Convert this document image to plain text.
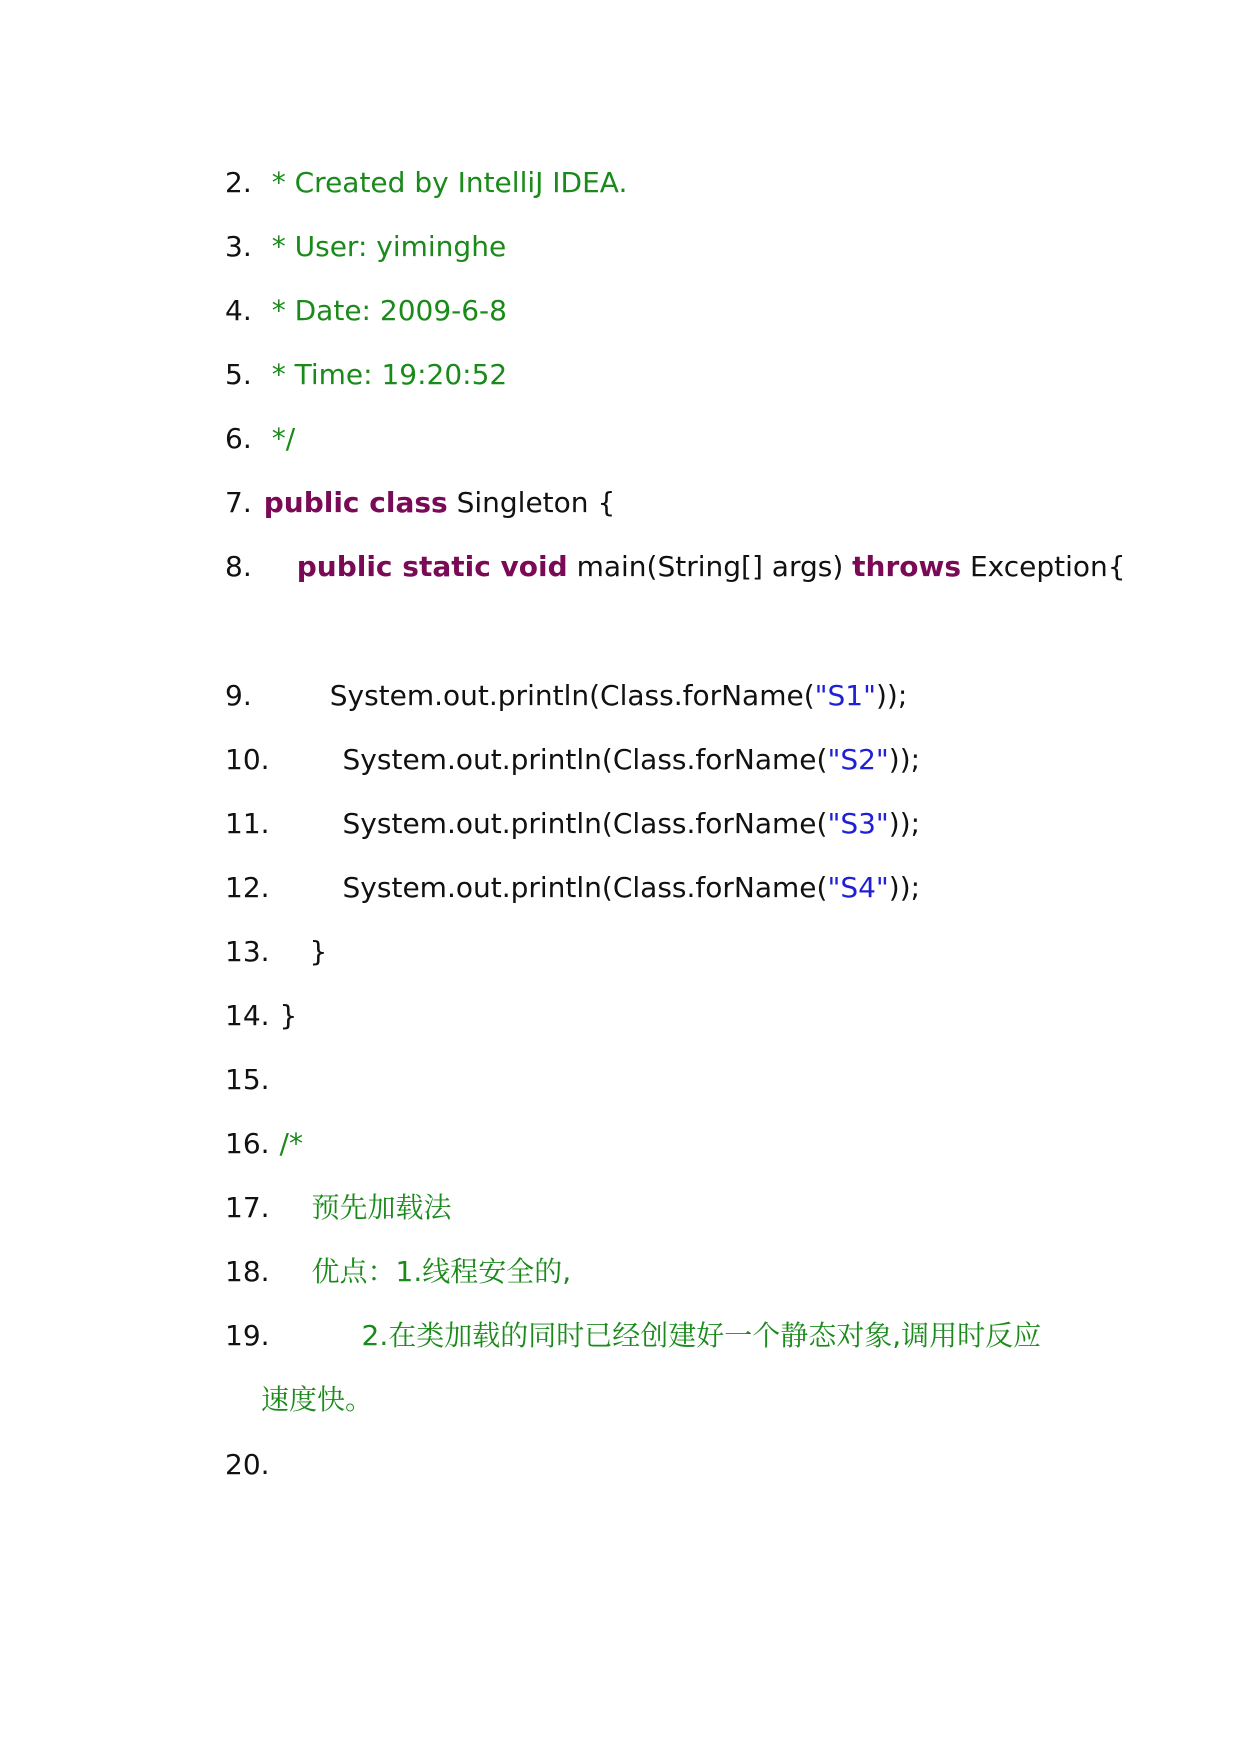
2. * Created by IntelliJ IDEA.
3. * User: yiminghe
4. * Date: 2009-6-8
5. * Time: 19:20:52
6. */
7. public class Singleton {
8. public static void main(String[] args) throws Exception{
9.	System.out.println(Class.forName("S1"));
10.	System.out.println(Class.forName("S2"));
11.	System.out.println(Class.forName("S3"));
12.	System.out.println(Class.forName("S4"));
13. }
14. }
15.
16. /*
17. 预先加载法
18. 优点：1.线程安全的,
19.	2.在类加载的同时已经创建好一个静态对象,调用时反应
速度快。
20.
